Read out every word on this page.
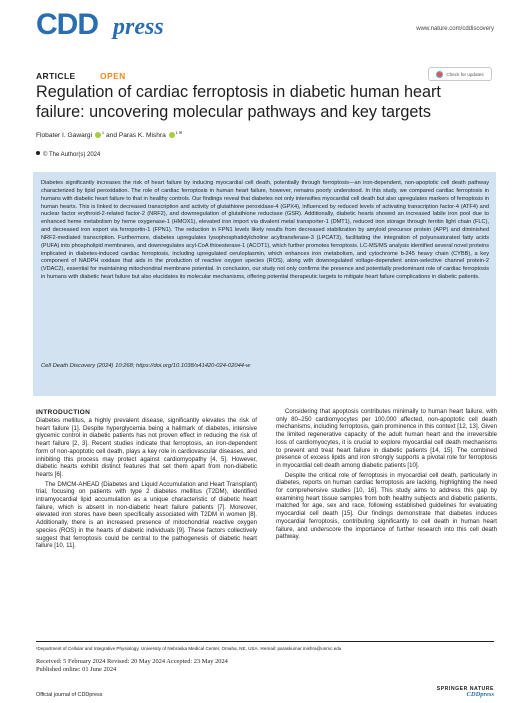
CDD press	www.nature.com/cddiscovery
ARTICLE	OPEN	Check for updates
Regulation of cardiac ferroptosis in diabetic human heart failure: uncovering molecular pathways and key targets
Flobater I. Gawargi $^1$ and Paras K. Mishra $^{1 ✉}$
© The Author(s) 2024

Diabetes significantly increases the risk of heart failure by inducing myocardial cell death, potentially through ferroptosis—an iron-dependent, non-apoptotic cell death pathway characterized by lipid peroxidation. The role of cardiac ferroptosis in human heart failure, however, remains poorly understood. In this study, we compared cardiac ferroptosis in humans with diabetic heart failure to that in healthy controls. Our findings reveal that diabetes not only intensifies myocardial cell death but also upregulates markers of ferroptosis in human hearts. This is linked to decreased transcription and activity of glutathione peroxidase-4 (GPX4), influenced by reduced levels of activating transcription factor-4 (ATF4) and nuclear factor erythroid-2-related factor-2 (NRF2), and downregulation of glutathione reductase (GSR). Additionally, diabetic hearts showed an increased labile iron pool due to enhanced heme metabolism by heme oxygenase-1 (HMOX1), elevated iron import via divalent metal transporter-1 (DMT1), reduced iron storage through ferritin light chain (FLC), and decreased iron export via ferroportin-1 (FPN1). The reduction in FPN1 levels likely results from decreased stabilization by amyloid precursor protein (APP) and diminished NRF2-mediated transcription. Furthermore, diabetes upregulates lysophosphatidylcholine acyltransferase-3 (LPCAT3), facilitating the integration of polyunsaturated fatty acids (PUFA) into phospholipid membranes, and downregulates acyl-CoA thioesterase-1 (ACOT1), which further promotes ferroptosis. LC-MS/MS analysis identified several novel proteins implicated in diabetes-induced cardiac ferroptosis, including upregulated ceruloplasmin, which enhances iron metabolism, and cytochrome b-245 heavy chain (CYBB), a key component of NADPH oxidase that aids in the production of reactive oxygen species (ROS), along with downregulated voltage-dependent anion-selective channel protein-2 (VDAC2), essential for maintaining mitochondrial membrane potential. In conclusion, our study not only confirms the presence and potentially predominant role of cardiac ferroptosis in humans with diabetic heart failure but also elucidates its molecular mechanisms, offering potential therapeutic targets to mitigate heart failure complications in diabetic patients.

Cell Death Discovery (2024) 10:268; https://doi.org/10.1038/s41420-024-02044-w
INTRODUCTION

Diabetes mellitus, a highly prevalent disease, significantly elevates the risk of heart failure [1]. Despite hyperglycemia being a hallmark of diabetes, intensive glycemic control in diabetic patients has not proven effect in reducing the risk of heart failure [2, 3]. Recent studies indicate that ferroptosis, an iron-dependent form of non-apoptotic cell death, plays a key role in cardiovascular diseases, and inhibiting this process may protect against cardiomyopathy [4, 5]. However, diabetic hearts exhibit distinct features that set them apart from non-diabetic hearts [6].

The DMCM-AHEAD (Diabetes and Liquid Accumulation and Heart Transplant) trial, focusing on patients with type 2 diabetes mellitus (T2DM), identified intramyocardial lipid accumulation as a unique characteristic of diabetic heart failure, which is absent in non-diabetic heart failure patients [7]. Moreover, elevated iron stores have been specifically associated with T2DM in women [8]. Additionally, there is an increased presence of mitochondrial reactive oxygen species (ROS) in the hearts of diabetic individuals [9]. These factors collectively suggest that ferroptosis could be central to the pathogenesis of diabetic heart failure [10, 11].

Considering that apoptosis contributes minimally to human heart failure, with only 80–250 cardiomyocytes per 100,000 affected, non-apoptotic cell death mechanisms, including ferroptosis, gain prominence in this context [12, 13]. Given the limited regenerative capacity of the adult human heart and the irreversible loss of cardiomyocytes, it is crucial to explore myocardial cell death mechanisms to prevent and treat heart failure in diabetic patients [14, 15]. The combined presence of excess lipids and iron strongly supports a pivotal role for ferroptosis in myocardial cell death among diabetic patients [10].

Despite the critical role of ferroptosis in myocardial cell death, particularly in diabetes, reports on human cardiac ferroptosis are lacking, highlighting the need for comprehensive studies [10, 16]. This study aims to address this gap by examining heart tissue samples from both healthy subjects and diabetic patients, matched for age, sex and race, following established guidelines for evaluating myocardial cell death [15]. Our findings demonstrate that diabetes induces myocardial ferroptosis, contributing significantly to cell death in human heart failure, and underscore the importance of further research into this cell death pathway.

¹Department of Cellular and Integrative Physiology, University of Nebraska Medical Center, Omaha, NE, USA. ✉email: paraskumar.mishra@unmc.edu
Received: 5 February 2024 Revised: 20 May 2024 Accepted: 23 May 2024
Published online: 01 June 2024
Official journal of CDDpress
SPRINGER NATURE
CDDpress
